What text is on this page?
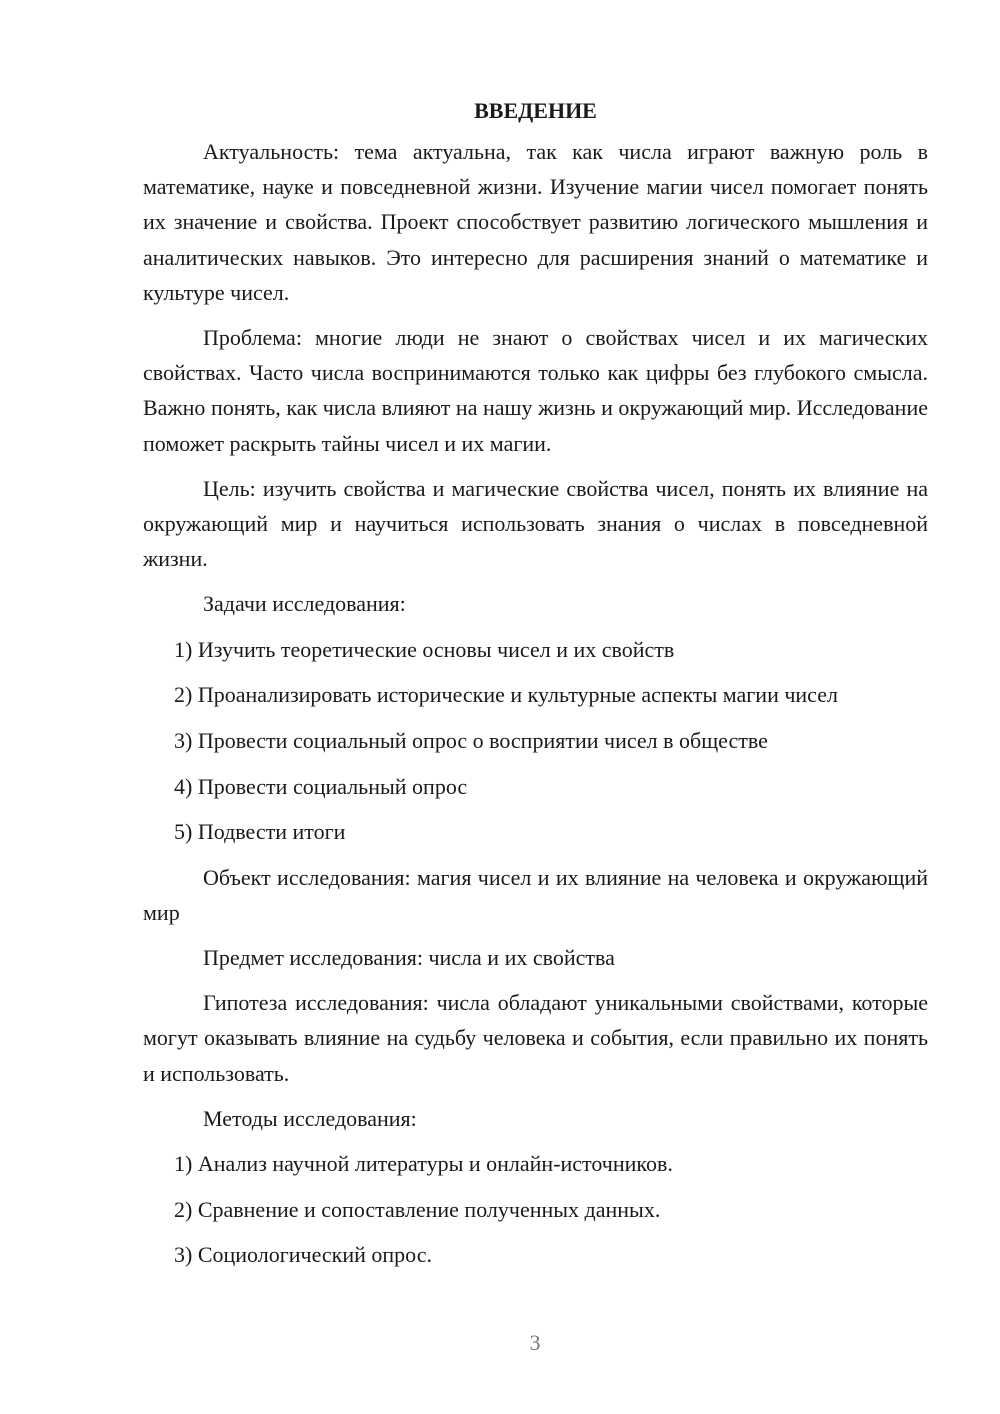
ВВЕДЕНИЕ

Актуальность: тема актуальна, так как числа играют важную роль в математике, науке и повседневной жизни. Изучение магии чисел помогает понять их значение и свойства. Проект способствует развитию логического мышления и аналитических навыков. Это интересно для расширения знаний о математике и культуре чисел.

Проблема: многие люди не знают о свойствах чисел и их магических свойствах. Часто числа воспринимаются только как цифры без глубокого смысла. Важно понять, как числа влияют на нашу жизнь и окружающий мир. Исследование поможет раскрыть тайны чисел и их магии.

Цель: изучить свойства и магические свойства чисел, понять их влияние на окружающий мир и научиться использовать знания о числах в повседневной жизни.

Задачи исследования:

1) Изучить теоретические основы чисел и их свойств
2) Проанализировать исторические и культурные аспекты магии чисел
3) Провести социальный опрос о восприятии чисел в обществе
4) Провести социальный опрос
5) Подвести итоги

Объект исследования: магия чисел и их влияние на человека и окружающий мир

Предмет исследования: числа и их свойства

Гипотеза исследования: числа обладают уникальными свойствами, которые могут оказывать влияние на судьбу человека и события, если правильно их понять и использовать.

Методы исследования:

1) Анализ научной литературы и онлайн-источников.
2) Сравнение и сопоставление полученных данных.
3) Социологический опрос.
3
